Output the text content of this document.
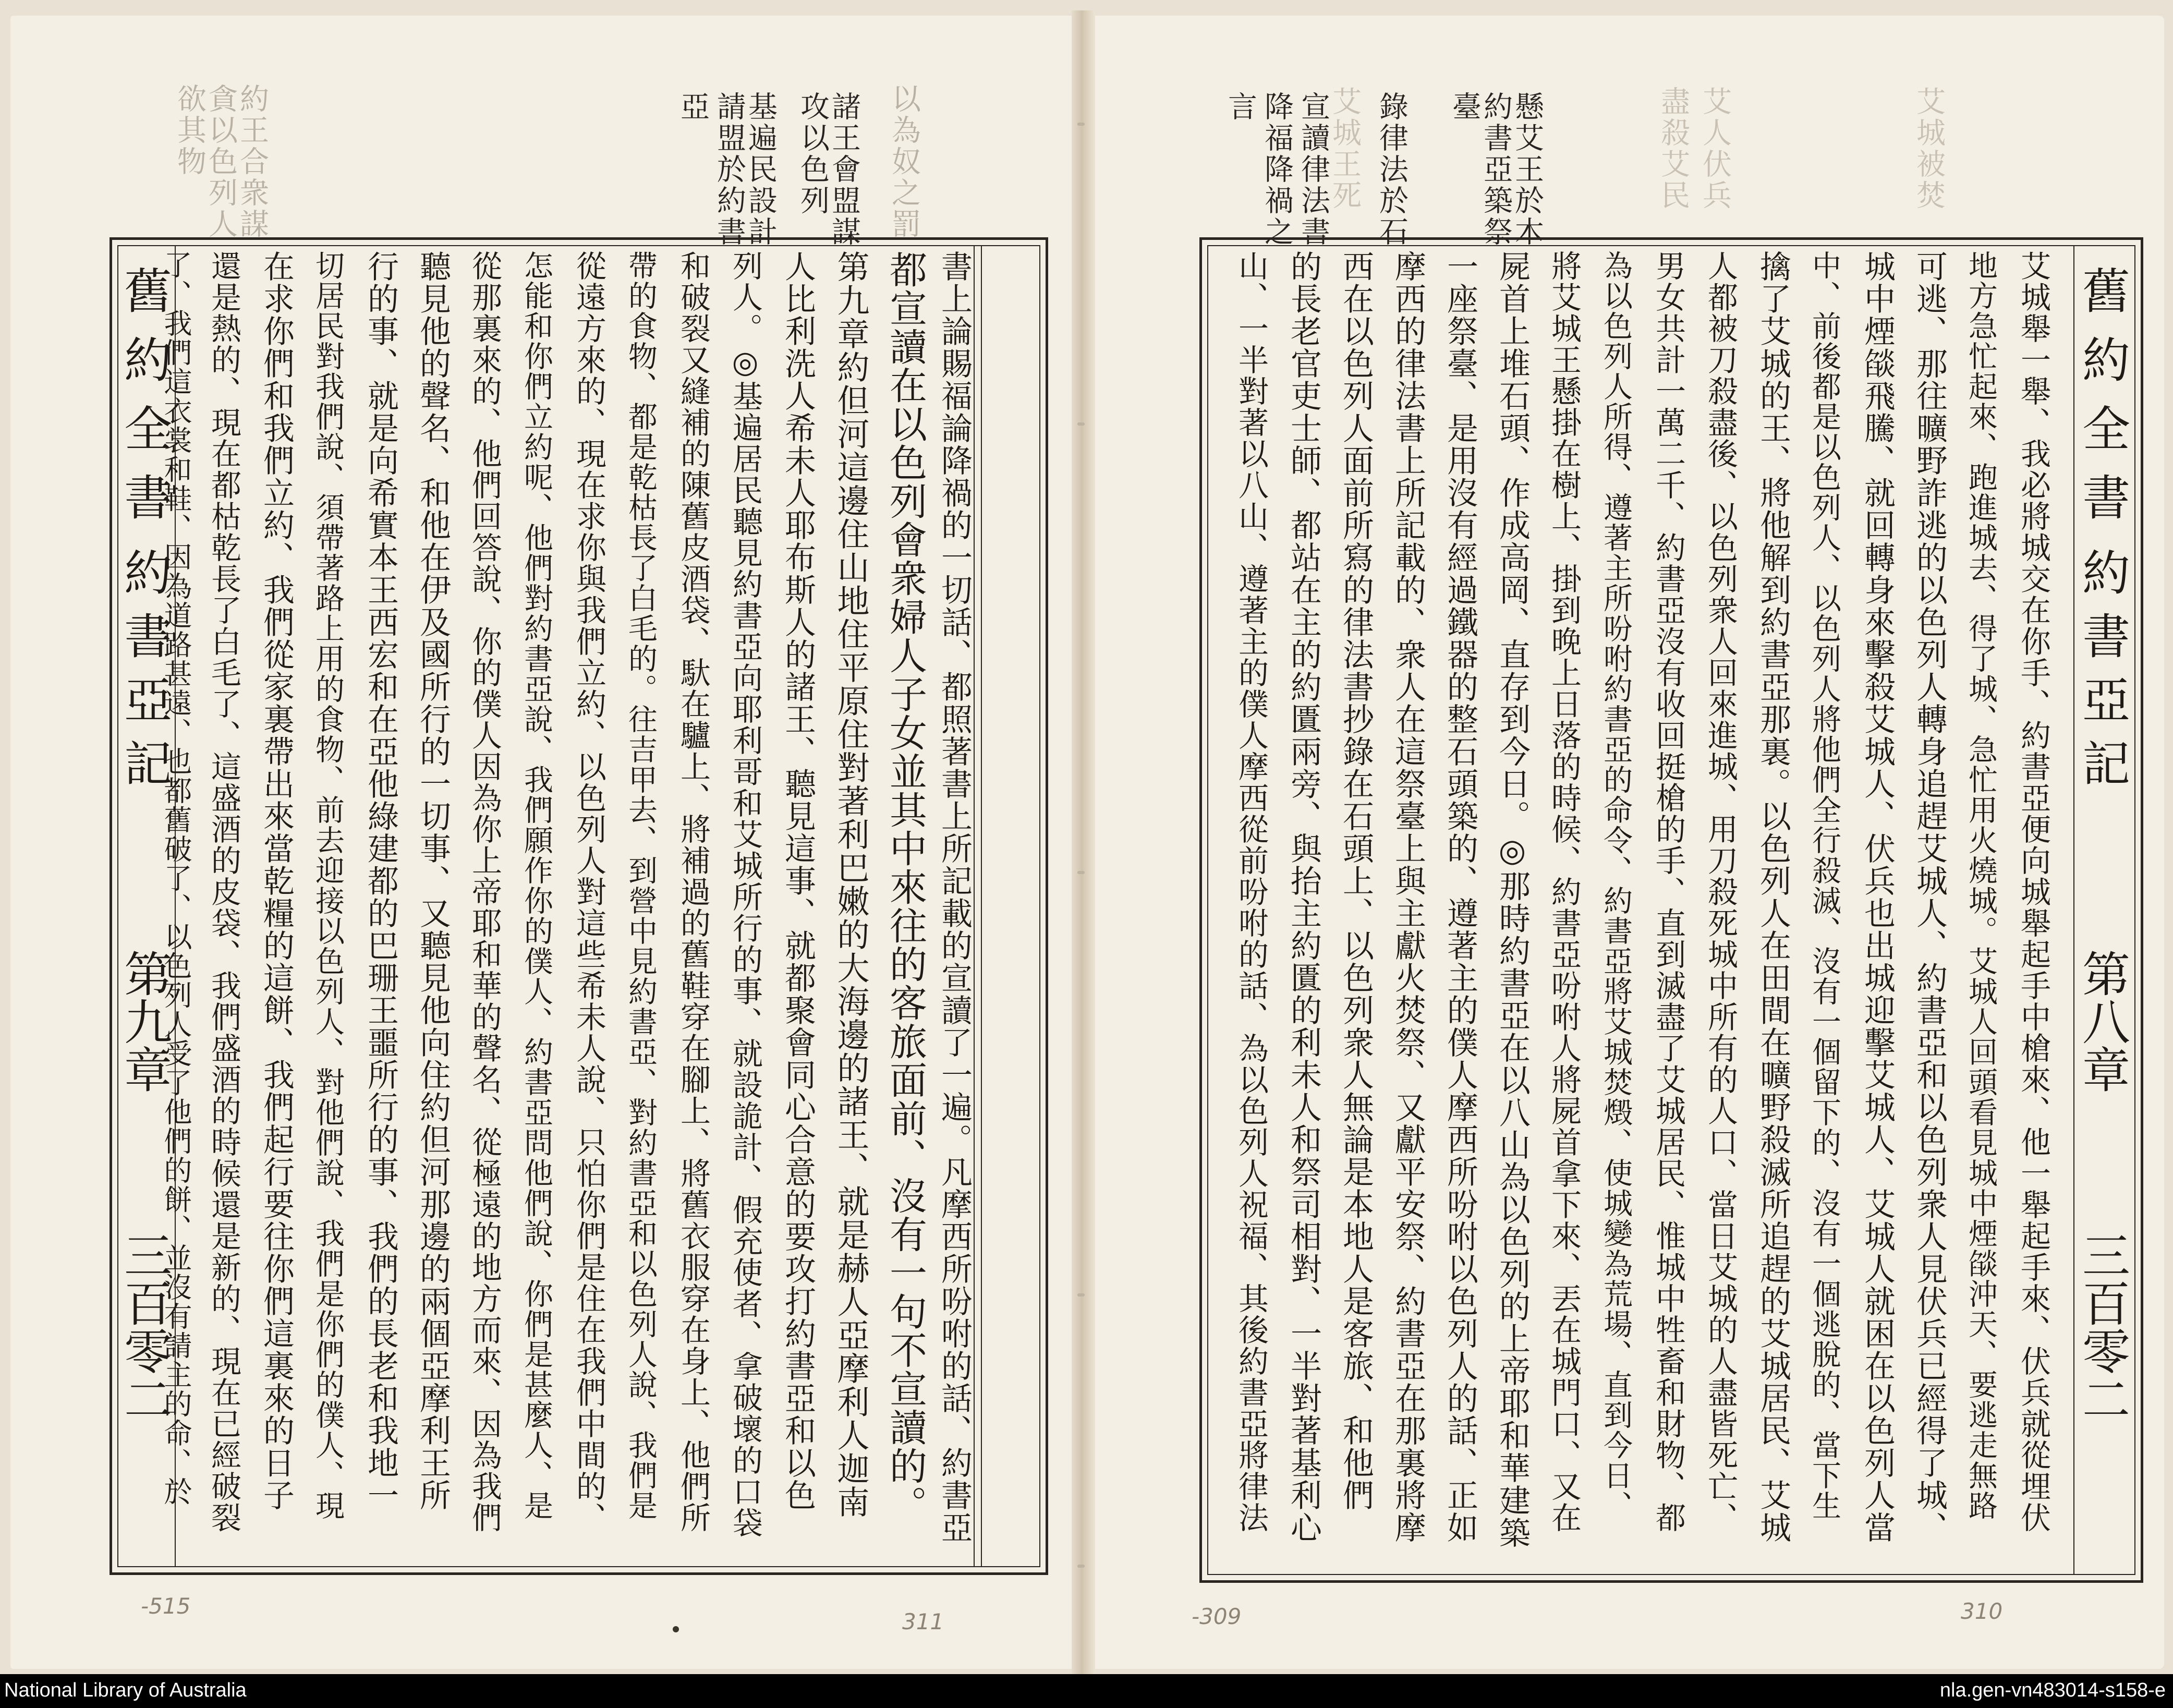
約王合衆謀
貪以色列人
欲其物	以為奴之罰
諸王會盟謀
攻以色列
基遍民設計
請盟於約書
亞
舊約全書
約書亞記
第九章
三百零二	書上論賜福論降禍的一切話、都照著書上所記載的宣讀了一遍。凡摩西所吩咐的話、約書亞
都宣讀在以色列會衆婦人子女並其中來往的客旅面前、沒有一句不宣讀的。
第九章約但河這邊住山地住平原住對著利巴嫩的大海邊的諸王、就是赫人亞摩利人迦南
人比利洗人希未人耶布斯人的諸王、聽見這事、就都聚會同心合意的要攻打約書亞和以色
列人。◎基遍居民聽見約書亞向耶利哥和艾城所行的事、就設詭計、假充使者、拿破壞的口袋
和破裂又縫補的陳舊皮酒袋、馱在驢上、將補過的舊鞋穿在腳上、將舊衣服穿在身上、他們所
帶的食物、都是乾枯長了白毛的。往吉甲去、到營中見約書亞、對約書亞和以色列人說、我們是
從遠方來的、現在求你與我們立約、以色列人對這些希未人說、只怕你們是住在我們中間的、
怎能和你們立約呢、他們對約書亞說、我們願作你的僕人、約書亞問他們說、你們是甚麼人、是
從那裏來的、他們回答說、你的僕人因為你上帝耶和華的聲名、從極遠的地方而來、因為我們
聽見他的聲名、和他在伊及國所行的一切事、又聽見他向住約但河那邊的兩個亞摩利王所
行的事、就是向希實本王西宏和在亞他綠建都的巴珊王噩所行的事、我們的長老和我地一
切居民對我們說、須帶著路上用的食物、前去迎接以色列人、對他們說、我們是你們的僕人、現
在求你們和我們立約、我們從家裏帶出來當乾糧的這餅、我們起行要往你們這裏來的日子
還是熱的、現在都枯乾長了白毛了、這盛酒的皮袋、我們盛酒的時候還是新的、現在已經破裂
了、我們這衣裳和鞋、因為道路甚遠、也都舊破了、以色列人受了他們的餅、並沒有請主的命、於
艾城被焚
艾人伏兵
盡殺艾民
艾城王死	懸艾王於木
約書亞築祭
臺
錄律法於石
宣讀律法書
降福降禍之
言
舊約全書
約書亞記
第八章
三百零二
艾城舉一舉、我必將城交在你手、約書亞便向城舉起手中槍來、他一舉起手來、伏兵就從埋伏
地方急忙起來、跑進城去、得了城、急忙用火燒城。艾城人回頭看見城中煙燄沖天、要逃走無路
可逃、那往曠野詐逃的以色列人轉身追趕艾城人、約書亞和以色列衆人見伏兵已經得了城、
城中煙燄飛騰、就回轉身來擊殺艾城人、伏兵也出城迎擊艾城人、艾城人就困在以色列人當
中、前後都是以色列人、以色列人將他們全行殺滅、沒有一個留下的、沒有一個逃脫的、當下生
擒了艾城的王、將他解到約書亞那裏。以色列人在田間在曠野殺滅所追趕的艾城居民、艾城
人都被刀殺盡後、以色列衆人回來進城、用刀殺死城中所有的人口、當日艾城的人盡皆死亡、
男女共計一萬二千、約書亞沒有收回挺槍的手、直到滅盡了艾城居民、惟城中牲畜和財物、都
為以色列人所得、遵著主所吩咐約書亞的命令、約書亞將艾城焚燬、使城變為荒場、直到今日、
將艾城王懸掛在樹上、掛到晚上日落的時候、約書亞吩咐人將屍首拿下來、丟在城門口、又在
屍首上堆石頭、作成高岡、直存到今日。◎那時約書亞在以八山為以色列的上帝耶和華建築
一座祭臺、是用沒有經過鐵器的整石頭築的、遵著主的僕人摩西所吩咐以色列人的話、正如
摩西的律法書上所記載的、衆人在這祭臺上與主獻火焚祭、又獻平安祭、約書亞在那裏將摩
西在以色列人面前所寫的律法書抄錄在石頭上、以色列衆人無論是本地人是客旅、和他們
的長老官吏士師、都站在主的約匱兩旁、與抬主約匱的利未人和祭司相對、一半對著基利心
山、一半對著以八山、遵著主的僕人摩西從前吩咐的話、為以色列人祝福、其後約書亞將律法
-515
311	-309	310
National Library of Australia	nla.gen-vn483014-s158-e
